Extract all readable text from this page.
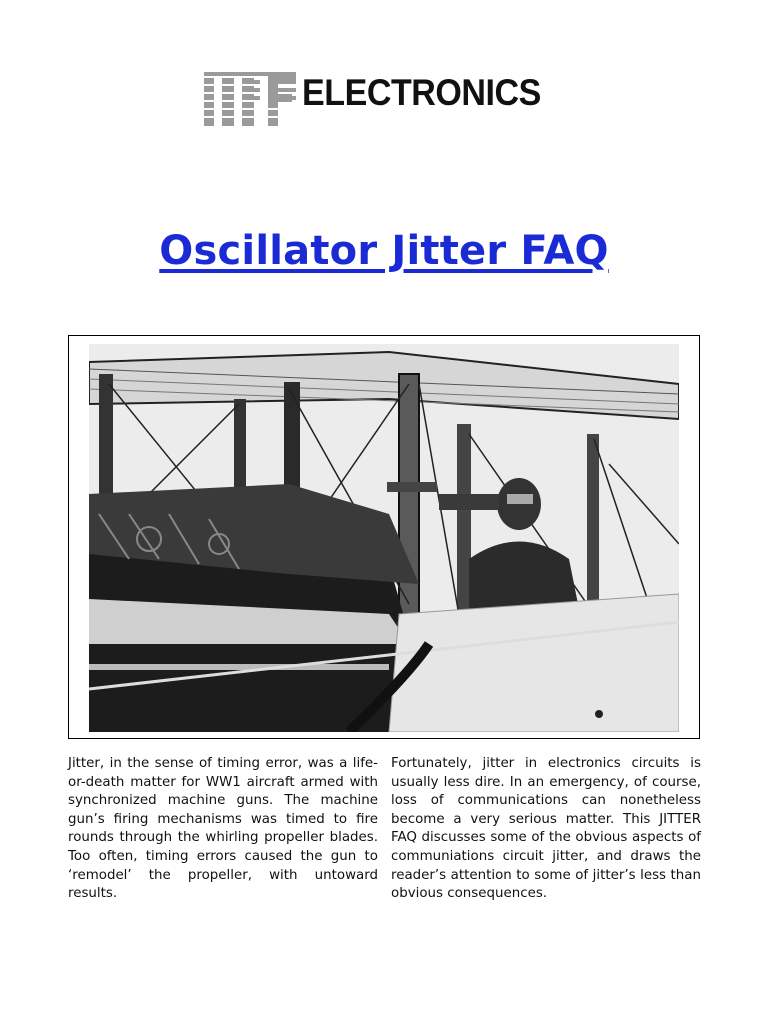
ELECTRONICS
Oscillator Jitter FAQ

Jitter, in the sense of timing error, was a life-or-death matter for WW1 aircraft armed with synchronized machine guns. The machine gun’s firing mechanisms was timed to fire rounds through the whirling propeller blades. Too often, timing errors caused the gun to ‘remodel’ the propeller, with untoward results.

Fortunately, jitter in electronics circuits is usually less dire. In an emergency, of course, loss of communications can nonetheless become a very serious matter. This JITTER FAQ discusses some of the obvious aspects of communiations circuit jitter, and draws the reader’s attention to some of jitter’s less than obvious consequences.
